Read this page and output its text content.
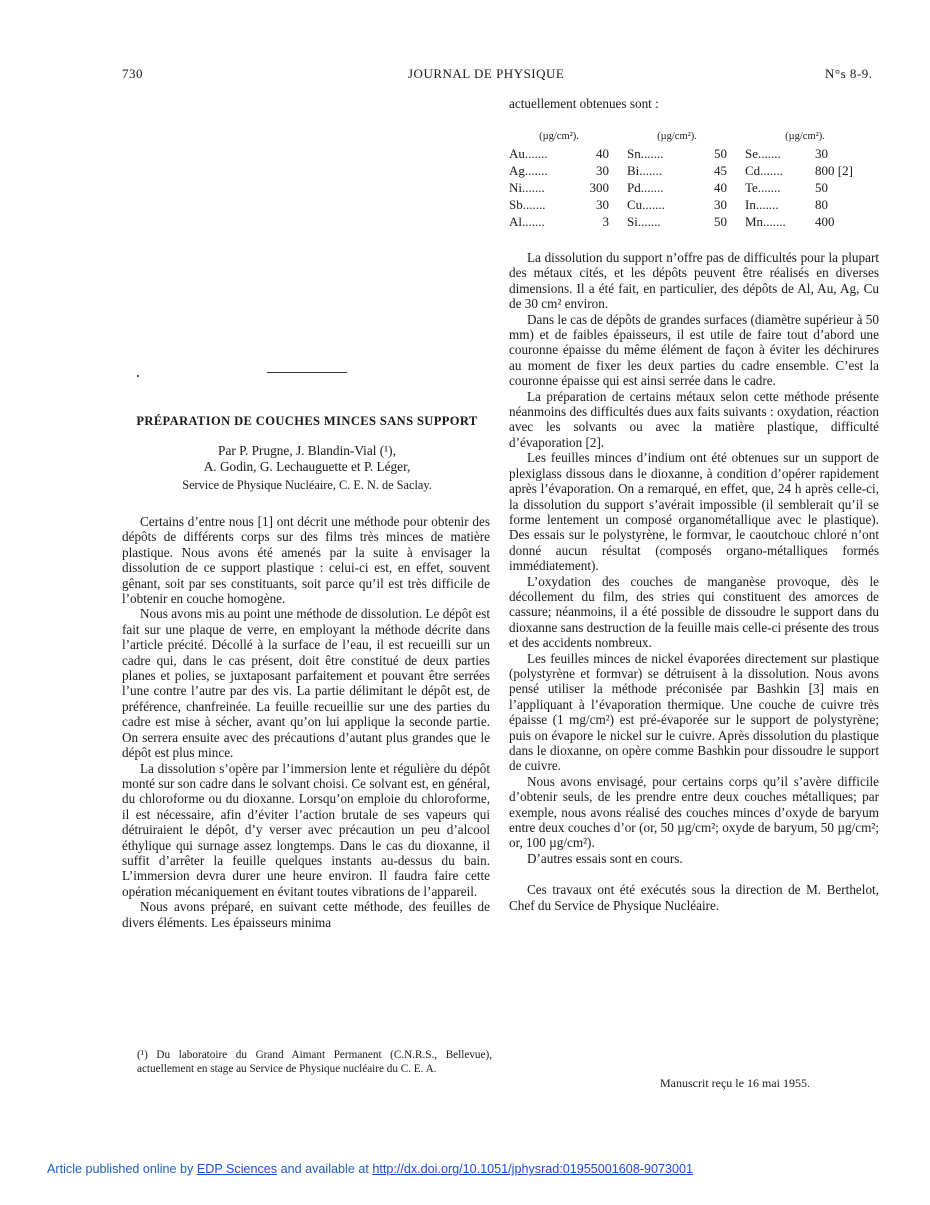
730	JOURNAL DE PHYSIQUE	N°s 8-9.
PRÉPARATION DE COUCHES MINCES SANS SUPPORT
Par P. Prugne, J. Blandin-Vial (¹),
A. Godin, G. Lechauguette et P. Léger,
Service de Physique Nucléaire, C. E. N. de Saclay.

Certains d’entre nous [1] ont décrit une méthode pour obtenir des dépôts de différents corps sur des films très minces de matière plastique. Nous avons été amenés par la suite à envisager la dissolution de ce support plastique : celui-ci est, en effet, souvent gênant, soit par ses constituants, soit parce qu’il est très difficile de l’obtenir en couche homogène.

Nous avons mis au point une méthode de dissolution. Le dépôt est fait sur une plaque de verre, en employant la méthode décrite dans l’article précité. Décollé à la surface de l’eau, il est recueilli sur un cadre qui, dans le cas présent, doit être constitué de deux parties planes et polies, se juxtaposant parfaitement et pouvant être serrées l’une contre l’autre par des vis. La partie délimitant le dépôt est, de préférence, chanfreinée. La feuille recueillie sur une des parties du cadre est mise à sécher, avant qu’on lui applique la seconde partie. On serrera ensuite avec des précautions d’autant plus grandes que le dépôt est plus mince.

La dissolution s’opère par l’immersion lente et régulière du dépôt monté sur son cadre dans le solvant choisi. Ce solvant est, en général, du chloroforme ou du dioxanne. Lorsqu’on emploie du chloroforme, il est nécessaire, afin d’éviter l’action brutale de ses vapeurs qui détruiraient le dépôt, d’y verser avec précaution un peu d’alcool éthylique qui surnage assez longtemps. Dans le cas du dioxanne, il suffit d’arrêter la feuille quelques instants au-dessus du bain. L’immersion devra durer une heure environ. Il faudra faire cette opération mécaniquement en évitant toutes vibrations de l’appareil.

Nous avons préparé, en suivant cette méthode, des feuilles de divers éléments. Les épaisseurs minima

(¹) Du laboratoire du Grand Aimant Permanent (C.N.R.S., Bellevue), actuellement en stage au Service de Physique nucléaire du C. E. A.

actuellement obtenues sont :

(µg/cm²).			(µg/cm²).			(µg/cm²).	
Au.......	40		Sn.......	50		Se.......	30
Ag.......	30		Bi.......	45		Cd.......	800 [2]
Ni.......	300		Pd.......	40		Te.......	50
Sb.......	30		Cu.......	30		In.......	80
Al.......	3		Si.......	50		Mn.......	400

La dissolution du support n’offre pas de difficultés pour la plupart des métaux cités, et les dépôts peuvent être réalisés en diverses dimensions. Il a été fait, en particulier, des dépôts de Al, Au, Ag, Cu de 30 cm² environ.

Dans le cas de dépôts de grandes surfaces (diamètre supérieur à 50 mm) et de faibles épaisseurs, il est utile de faire tout d’abord une couronne épaisse du même élément de façon à éviter les déchirures au moment de fixer les deux parties du cadre ensemble. C’est la couronne épaisse qui est ainsi serrée dans le cadre.

La préparation de certains métaux selon cette méthode présente néanmoins des difficultés dues aux faits suivants : oxydation, réaction avec les solvants ou avec la matière plastique, difficulté d’évaporation [2].

Les feuilles minces d’indium ont été obtenues sur un support de plexiglass dissous dans le dioxanne, à condition d’opérer rapidement après l’évaporation. On a remarqué, en effet, que, 24 h après celle-ci, la dissolution du support s’avérait impossible (il semblerait qu’il se forme lentement un composé organométallique avec le plastique). Des essais sur le polystyrène, le formvar, le caoutchouc chloré n’ont donné aucun résultat (composés organo-métalliques formés immédiatement).

L’oxydation des couches de manganèse provoque, dès le décollement du film, des stries qui constituent des amorces de cassure; néanmoins, il a été possible de dissoudre le support dans du dioxanne sans destruction de la feuille mais celle-ci présente des trous et des accidents nombreux.

Les feuilles minces de nickel évaporées directement sur plastique (polystyrène et formvar) se détruisent à la dissolution. Nous avons pensé utiliser la méthode préconisée par Bashkin [3] mais en l’appliquant à l’évaporation thermique. Une couche de cuivre très épaisse (1 mg/cm²) est pré-évaporée sur le support de polystyrène; puis on évapore le nickel sur le cuivre. Après dissolution du plastique dans le dioxanne, on opère comme Bashkin pour dissoudre le support de cuivre.

Nous avons envisagé, pour certains corps qu’il s’avère difficile d’obtenir seuls, de les prendre entre deux couches métalliques; par exemple, nous avons réalisé des couches minces d’oxyde de baryum entre deux couches d’or (or, 50 µg/cm²; oxyde de baryum, 50 µg/cm²; or, 100 µg/cm²).

D’autres essais sont en cours.

Ces travaux ont été exécutés sous la direction de M. Berthelot, Chef du Service de Physique Nucléaire.

Manuscrit reçu le 16 mai 1955.
Article published online by EDP Sciences and available at http://dx.doi.org/10.1051/jphysrad:01955001608-9073001
